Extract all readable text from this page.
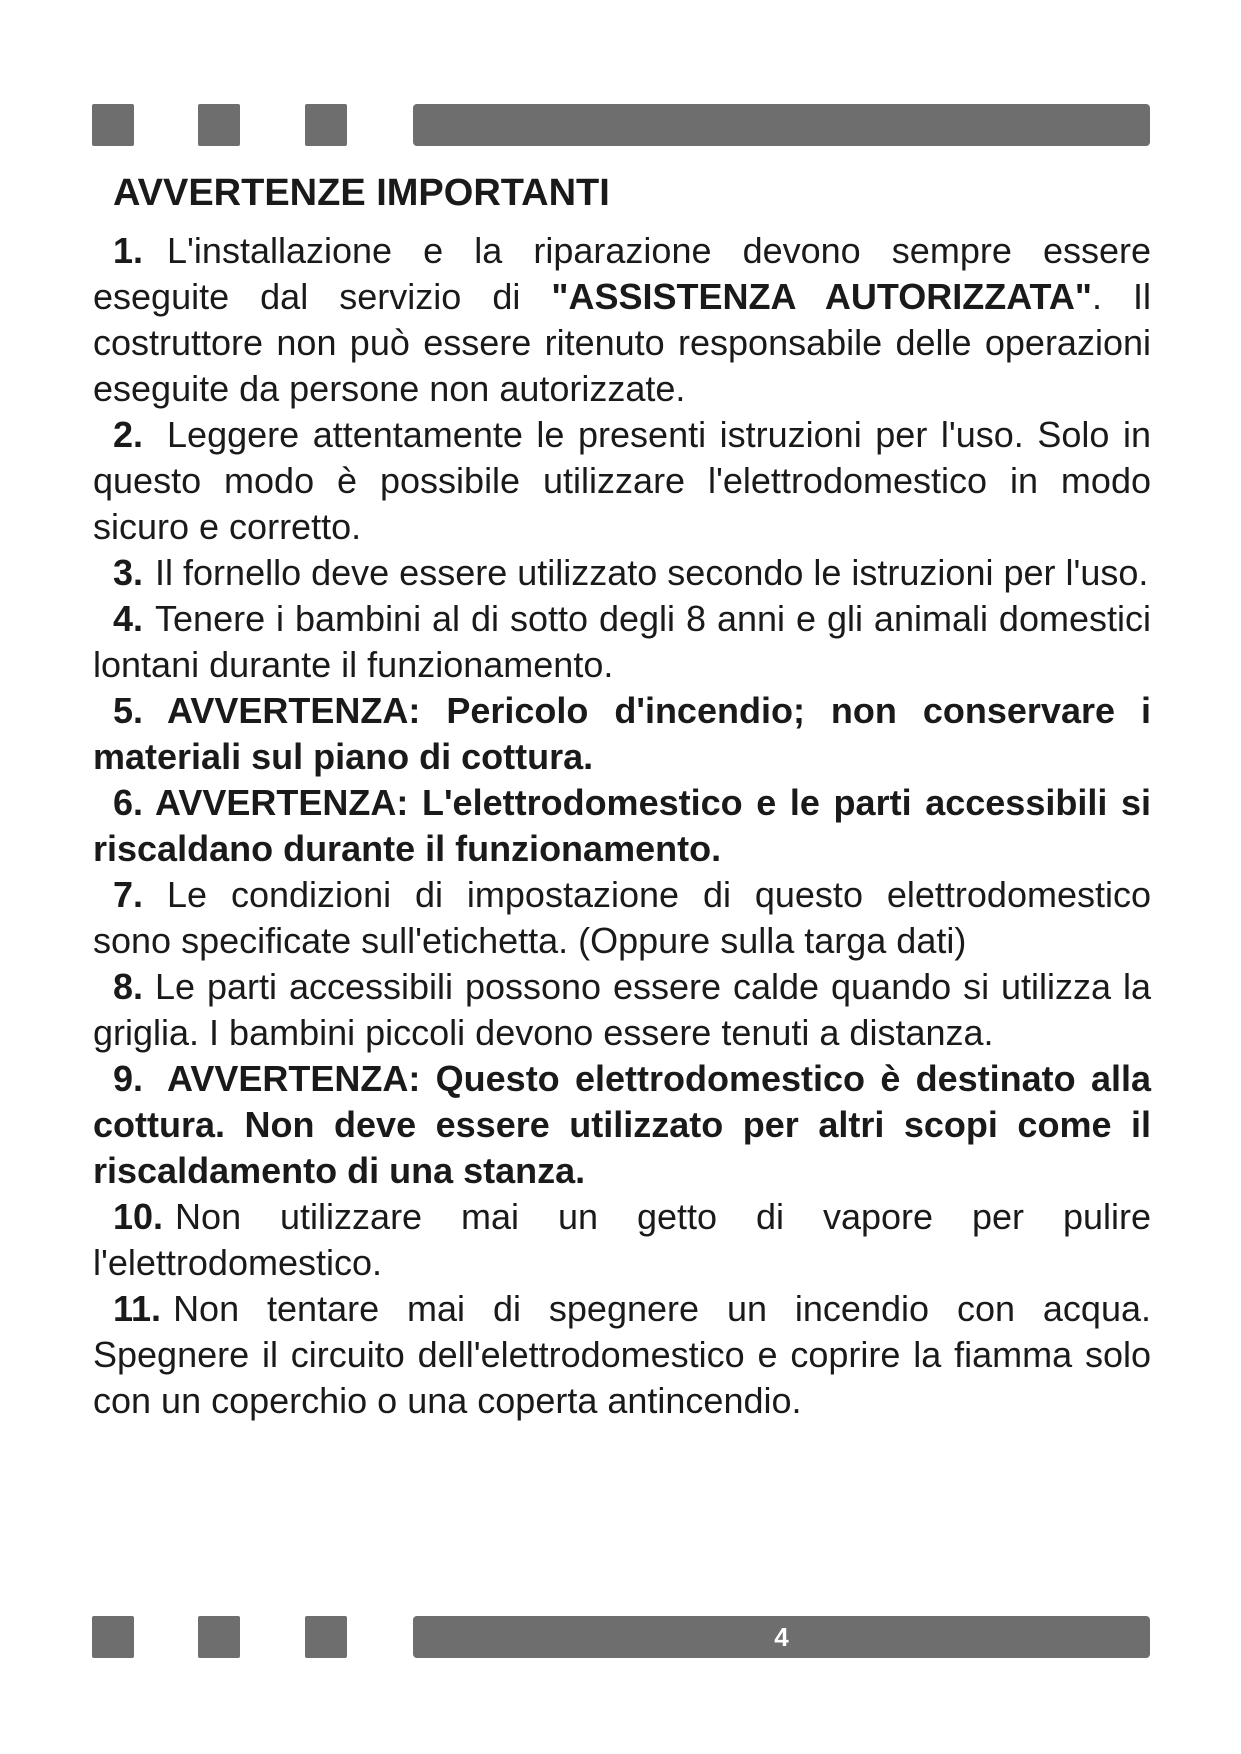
AVVERTENZE IMPORTANTI

1. L'installazione e la riparazione devono sempre essere eseguite dal servizio di "ASSISTENZA AUTORIZZATA". Il costruttore non può essere ritenuto responsabile delle operazioni eseguite da persone non autorizzate.

2. Leggere attentamente le presenti istruzioni per l'uso. Solo in questo modo è possibile utilizzare l'elettrodomestico in modo sicuro e corretto.

3. Il fornello deve essere utilizzato secondo le istruzioni per l'uso.

4. Tenere i bambini al di sotto degli 8 anni e gli animali domestici lontani durante il funzionamento.

5. AVVERTENZA: Pericolo d'incendio; non conservare i materiali sul piano di cottura.

6. AVVERTENZA: L'elettrodomestico e le parti accessibili si riscaldano durante il funzionamento.

7. Le condizioni di impostazione di questo elettrodomestico sono specificate sull'etichetta. (Oppure sulla targa dati)

8. Le parti accessibili possono essere calde quando si utilizza la griglia. I bambini piccoli devono essere tenuti a distanza.

9. AVVERTENZA: Questo elettrodomestico è destinato alla cottura. Non deve essere utilizzato per altri scopi come il riscaldamento di una stanza.

10. Non utilizzare mai un getto di vapore per pulire l'elettrodomestico.

11. Non tentare mai di spegnere un incendio con acqua. Spegnere il circuito dell'elettrodomestico e coprire la fiamma solo con un coperchio o una coperta antincendio.

4
